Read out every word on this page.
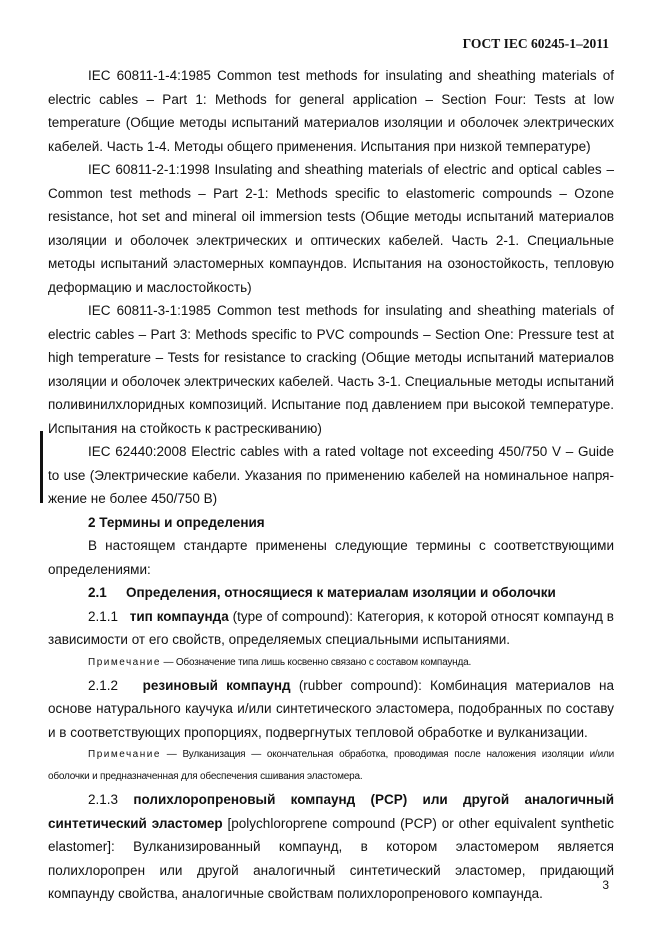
ГОСТ IEC 60245-1–2011

IEC 60811-1-4:1985 Common test methods for insulating and sheathing materials of electric cables – Part 1: Methods for general application – Section Four: Tests at low temperature (Общие методы испытаний материалов изоляции и оболочек электрических кабелей. Часть 1-4. Методы общего применения. Испытания при низкой температуре)

IEC 60811-2-1:1998 Insulating and sheathing materials of electric and optical cables – Common test methods – Part 2-1: Methods specific to elastomeric compounds – Ozone resistance, hot set and mineral oil immersion tests (Общие методы испытаний материалов изоляции и оболочек электрических и оптических кабелей. Часть 2-1. Специальные методы испытаний эластомерных компаундов. Испытания на озоностойкость, тепловую деформацию и маслостойкость)

IEC 60811-3-1:1985 Common test methods for insulating and sheathing materials of electric cables – Part 3: Methods specific to PVC compounds – Section One: Pressure test at high temperature – Tests for resistance to cracking (Общие методы испытаний материалов изоляции и оболочек электрических кабелей. Часть 3-1. Специальные методы испытаний поливинилхлоридных композиций. Испытание под давлением при высокой температуре. Испытания на стойкость к растрескиванию)

IEC 62440:2008 Electric cables with a rated voltage not exceeding 450/750 V – Guide to use (Электрические кабели. Указания по применению кабелей на номинальное напря-жение не более 450/750 В)

2 Термины и определения

В настоящем стандарте применены следующие термины с соответствующими определениями:

2.1 Определения, относящиеся к материалам изоляции и оболочки

2.1.1 тип компаунда (type of compound): Категория, к которой относят компаунд в зависимости от его свойств, определяемых специальными испытаниями.

Примечание — Обозначение типа лишь косвенно связано с составом компаунда.

2.1.2 резиновый компаунд (rubber compound): Комбинация материалов на основе натурального каучука и/или синтетического эластомера, подобранных по составу и в соответствующих пропорциях, подвергнутых тепловой обработке и вулканизации.

Примечание — Вулканизация — окончательная обработка, проводимая после наложения изоляции и/или оболочки и предназначенная для обеспечения сшивания эластомера.

2.1.3 полихлоропреновый компаунд (PCP) или другой аналогичный синтетический эластомер [polychloroprene compound (PCP) or other equivalent synthetic elastomer]: Вулканизированный компаунд, в котором эластомером является полихлоропрен или другой аналогичный синтетический эластомер, придающий компаунду свойства, аналогичные свойствам полихлоропренового компаунда.

3
